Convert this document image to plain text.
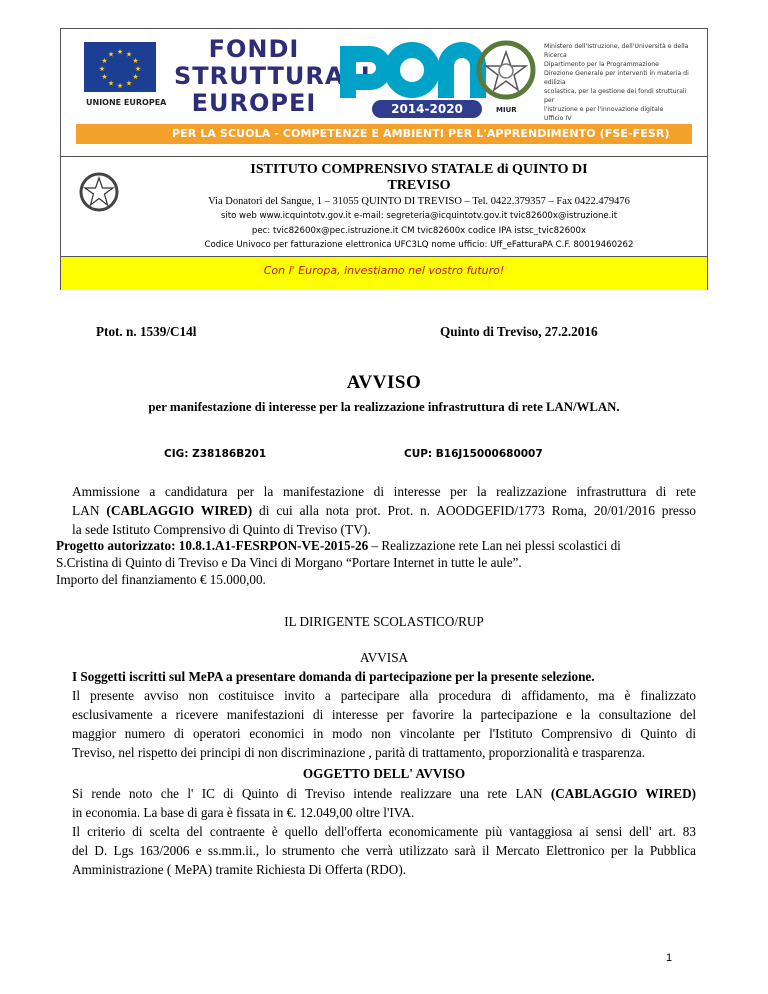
★ ★
★
★
★
★
★
★
★
★
★
★
UNIONE EUROPEA
FONDI
STRUTTURALI
EUROPEI	2014-2020	MIUR
Ministero dell'Istruzione, dell'Università e della Ricerca
Dipartimento per la Programmazione
Direzione Generale per interventi in materia di edilizia
scolastica, per la gestione dei fondi strutturali per
l'istruzione e per l'innovazione digitale
Ufficio IV
PER LA SCUOLA - COMPETENZE E AMBIENTI PER L'APPRENDIMENTO (FSE-FESR)
ISTITUTO COMPRENSIVO STATALE di QUINTO DI
TREVISO
Via Donatori del Sangue, 1 – 31055 QUINTO DI TREVISO – Tel. 0422.379357 – Fax 0422.479476
sito web www.icquintotv.gov.it e-mail: segreteria@icquintotv.gov.it tvic82600x@istruzione.it
pec: tvic82600x@pec.istruzione.it CM tvic82600x codice IPA istsc_tvic82600x
Codice Univoco per fatturazione elettronica UFC3LQ nome ufficio: Uff_eFatturaPA C.F. 80019460262
Con l' Europa, investiamo nel vostro futuro!
Ptot. n. 1539/C14l	Quinto di Treviso, 27.2.2016
AVVISO
per manifestazione di interesse per la realizzazione infrastruttura di rete LAN/WLAN.
CIG: Z38186B201	CUP: B16J15000680007
Ammissione a candidatura per la manifestazione di interesse per la realizzazione infrastruttura di rete
LAN (CABLAGGIO WIRED) di cui alla nota prot. Prot. n. AOODGEFID/1773 Roma, 20/01/2016 presso
la sede Istituto Comprensivo di Quinto di Treviso (TV).
Progetto autorizzato: 10.8.1.A1-FESRPON-VE-2015-26 – Realizzazione rete Lan nei plessi scolastici di
S.Cristina di Quinto di Treviso e Da Vinci di Morgano “Portare Internet in tutte le aule”.
Importo del finanziamento € 15.000,00.
IL DIRIGENTE SCOLASTICO/RUP
AVVISA
I Soggetti iscritti sul MePA a presentare domanda di partecipazione per la presente selezione.
Il presente avviso non costituisce invito a partecipare alla procedura di affidamento, ma è finalizzato
esclusivamente a ricevere manifestazioni di interesse per favorire la partecipazione e la consultazione del
maggior numero di operatori economici in modo non vincolante per l'Istituto Comprensivo di Quinto di
Treviso, nel rispetto dei principi di non discriminazione , parità di trattamento, proporzionalità e trasparenza.
OGGETTO DELL' AVVISO
Si rende noto che l' IC di Quinto di Treviso intende realizzare una rete LAN (CABLAGGIO WIRED)
in economia. La base di gara è fissata in €. 12.049,00 oltre l'IVA.
Il criterio di scelta del contraente è quello dell'offerta economicamente più vantaggiosa ai sensi dell' art. 83
del D. Lgs 163/2006 e ss.mm.ii., lo strumento che verrà utilizzato sarà il Mercato Elettronico per la Pubblica
Amministrazione ( MePA) tramite Richiesta Di Offerta (RDO).
1
